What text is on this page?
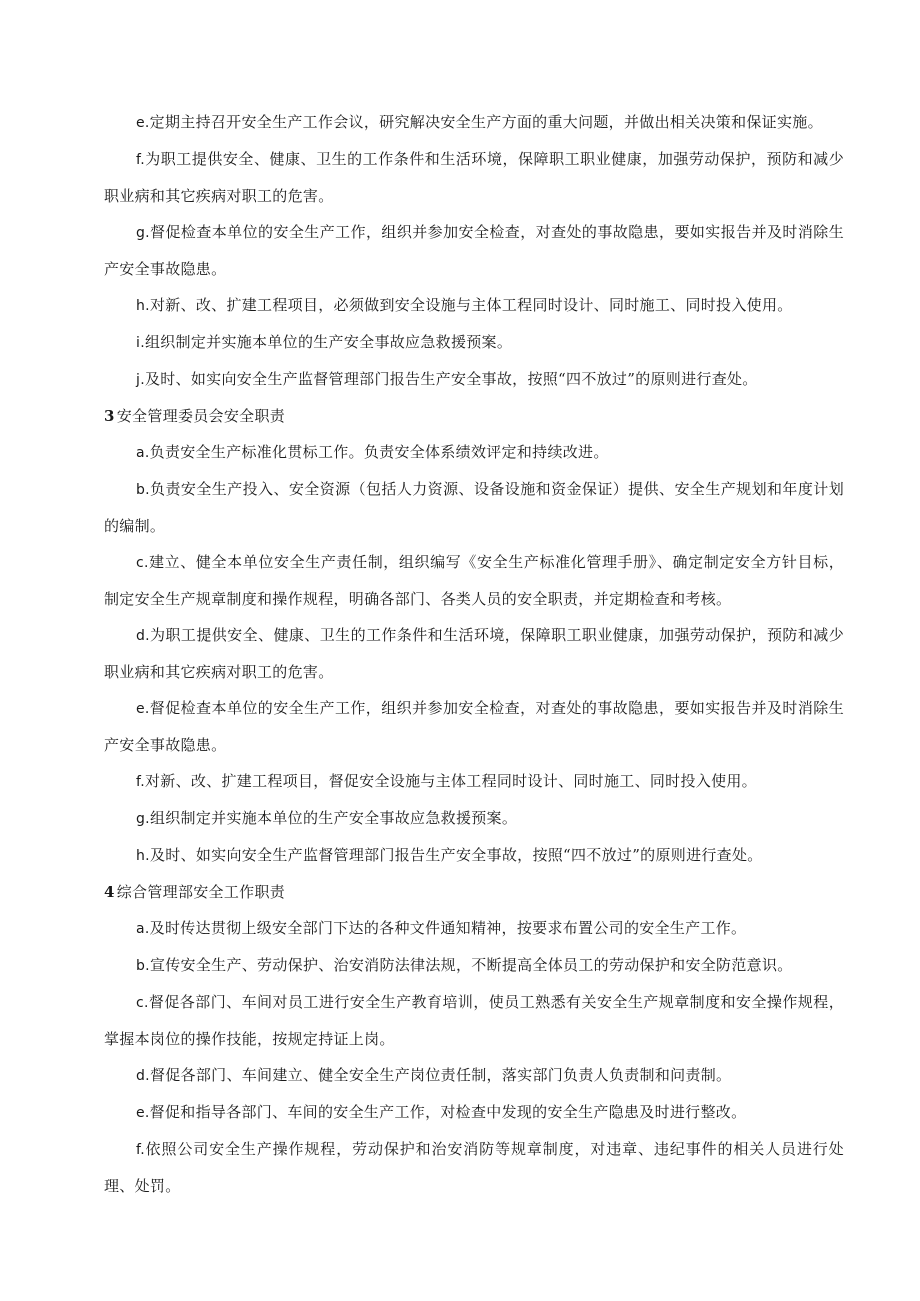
e.定期主持召开安全生产工作会议，研究解决安全生产方面的重大问题，并做出相关决策和保证实施。

f.为职工提供安全、健康、卫生的工作条件和生活环境，保障职工职业健康，加强劳动保护，预防和减少职业病和其它疾病对职工的危害。

g.督促检查本单位的安全生产工作，组织并参加安全检查，对查处的事故隐患，要如实报告并及时消除生产安全事故隐患。

h.对新、改、扩建工程项目，必须做到安全设施与主体工程同时设计、同时施工、同时投入使用。

i.组织制定并实施本单位的生产安全事故应急救援预案。

j.及时、如实向安全生产监督管理部门报告生产安全事故，按照“四不放过”的原则进行查处。

3 安全管理委员会安全职责

a.负责安全生产标准化贯标工作。负责安全体系绩效评定和持续改进。

b.负责安全生产投入、安全资源（包括人力资源、设备设施和资金保证）提供、安全生产规划和年度计划的编制。

c.建立、健全本单位安全生产责任制，组织编写《安全生产标准化管理手册》、确定制定安全方针目标，制定安全生产规章制度和操作规程，明确各部门、各类人员的安全职责，并定期检查和考核。

d.为职工提供安全、健康、卫生的工作条件和生活环境，保障职工职业健康，加强劳动保护，预防和减少职业病和其它疾病对职工的危害。

e.督促检查本单位的安全生产工作，组织并参加安全检查，对查处的事故隐患，要如实报告并及时消除生产安全事故隐患。

f.对新、改、扩建工程项目，督促安全设施与主体工程同时设计、同时施工、同时投入使用。

g.组织制定并实施本单位的生产安全事故应急救援预案。

h.及时、如实向安全生产监督管理部门报告生产安全事故，按照“四不放过”的原则进行查处。

4 综合管理部安全工作职责

a.及时传达贯彻上级安全部门下达的各种文件通知精神，按要求布置公司的安全生产工作。

b.宣传安全生产、劳动保护、治安消防法律法规，不断提高全体员工的劳动保护和安全防范意识。

c.督促各部门、车间对员工进行安全生产教育培训，使员工熟悉有关安全生产规章制度和安全操作规程，掌握本岗位的操作技能，按规定持证上岗。

d.督促各部门、车间建立、健全安全生产岗位责任制，落实部门负责人负责制和问责制。

e.督促和指导各部门、车间的安全生产工作，对检查中发现的安全生产隐患及时进行整改。

f.依照公司安全生产操作规程，劳动保护和治安消防等规章制度，对违章、违纪事件的相关人员进行处理、处罚。
